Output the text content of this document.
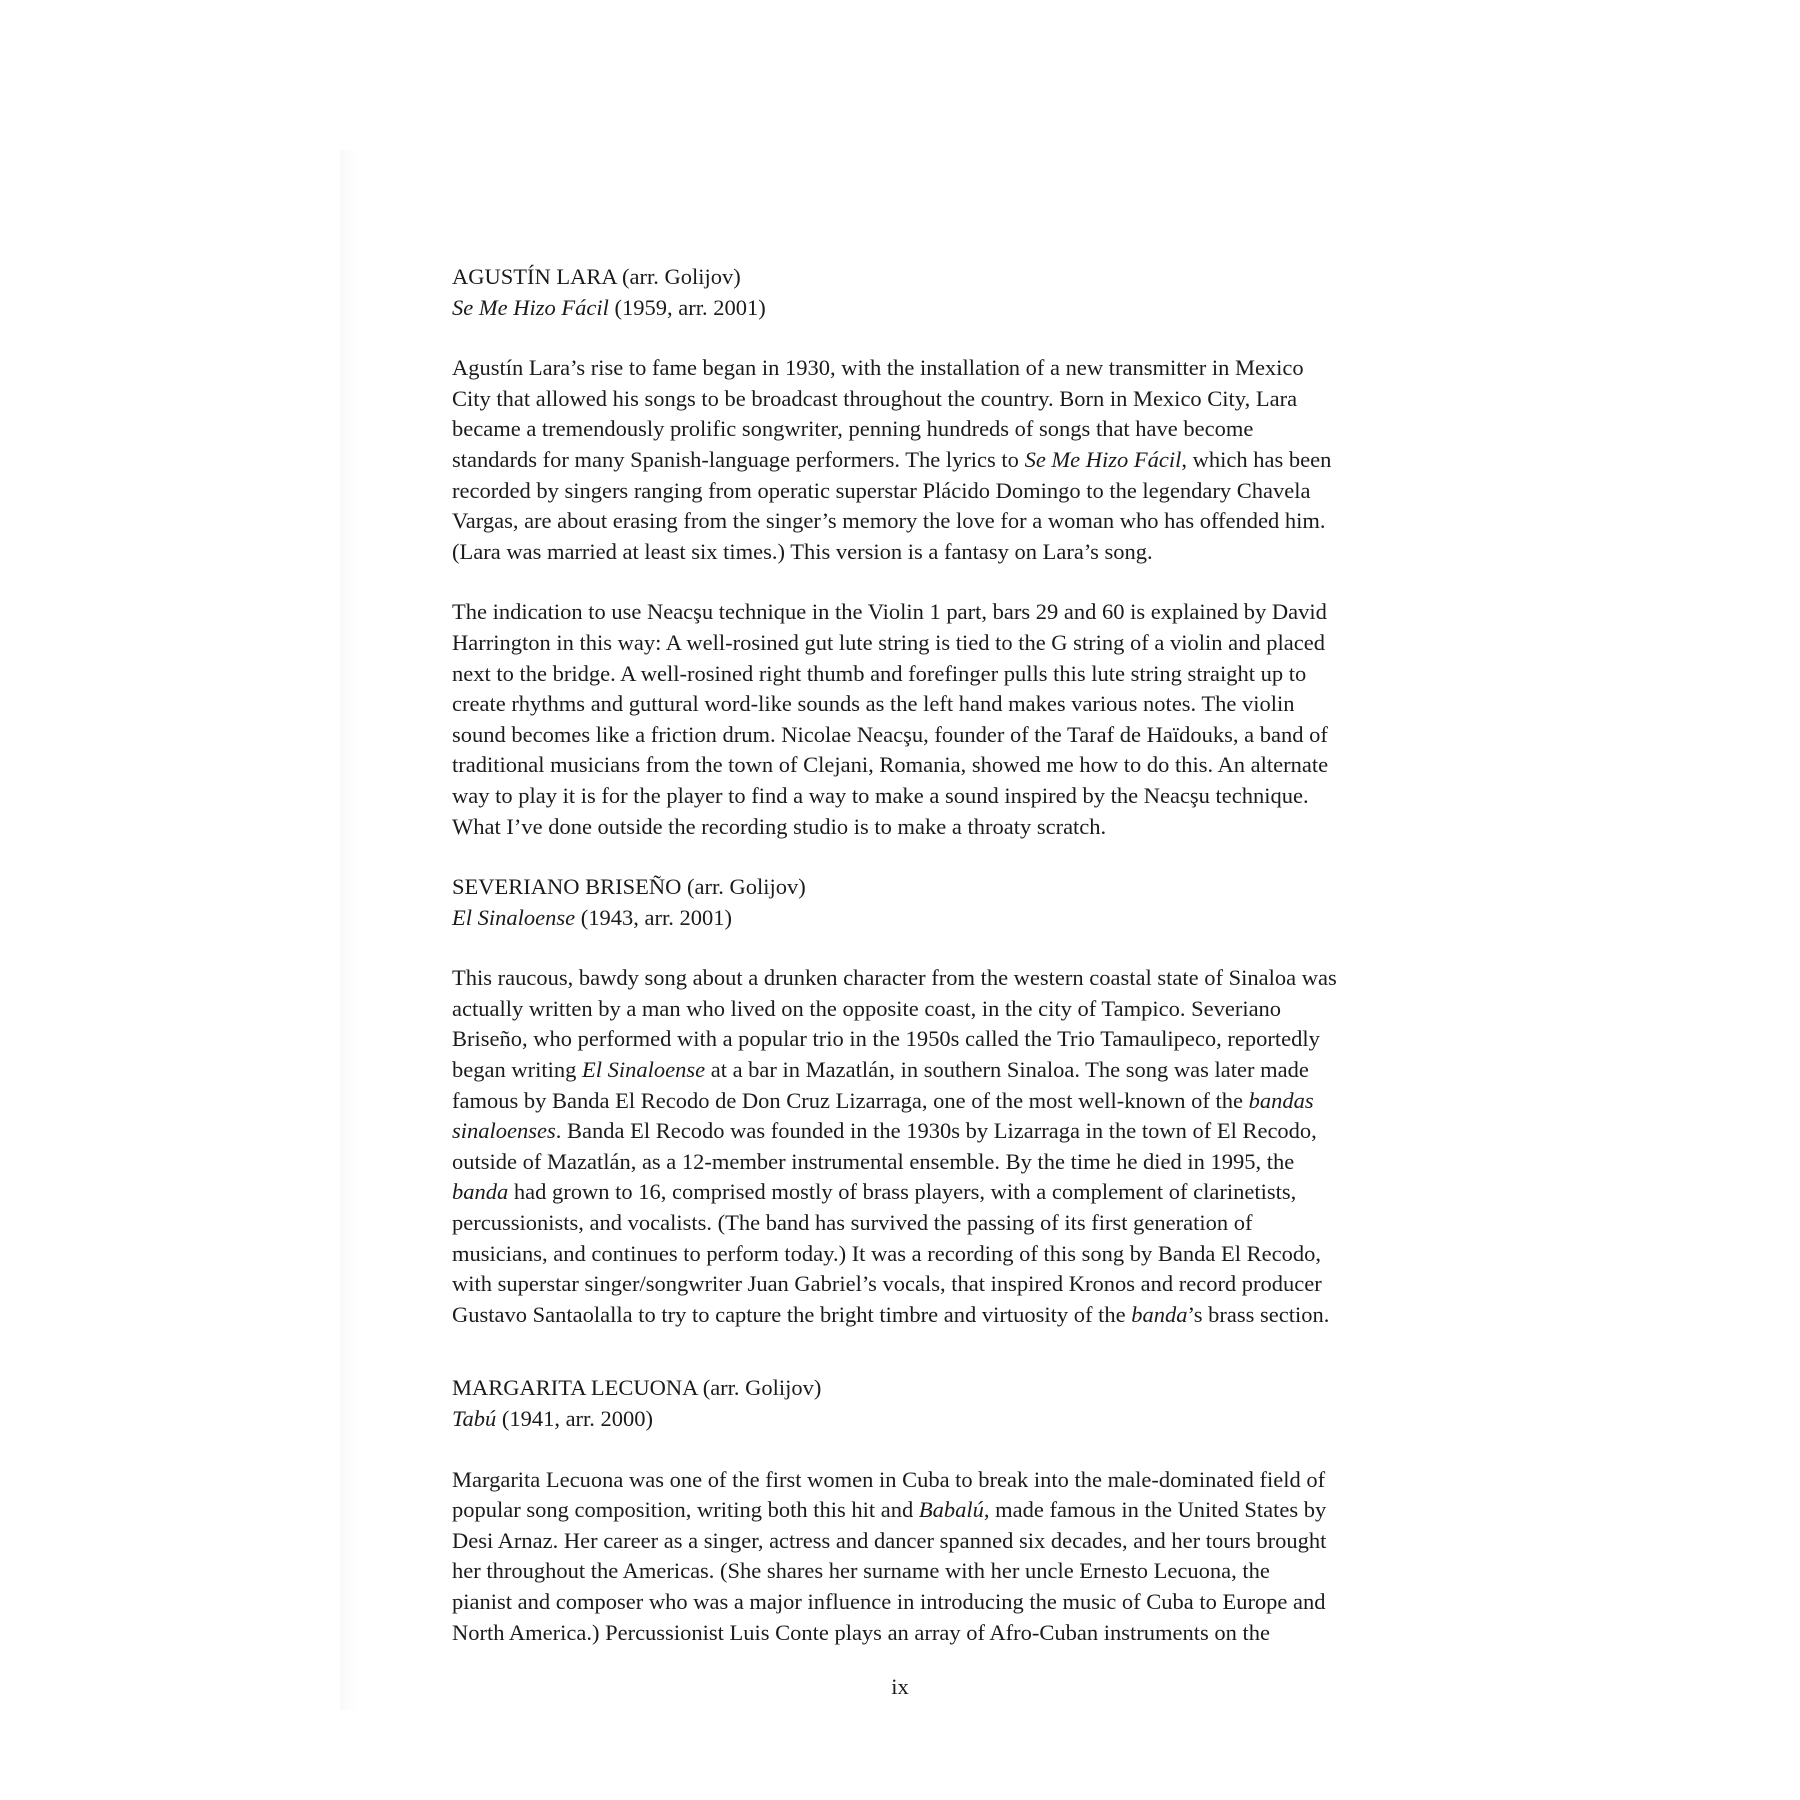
AGUSTÍN LARA (arr. Golijov)
Se Me Hizo Fácil (1959, arr. 2001)
Agustín Lara’s rise to fame began in 1930, with the installation of a new transmitter in Mexico
City that allowed his songs to be broadcast throughout the country. Born in Mexico City, Lara
became a tremendously prolific songwriter, penning hundreds of songs that have become
standards for many Spanish-language performers. The lyrics to Se Me Hizo Fácil, which has been
recorded by singers ranging from operatic superstar Plácido Domingo to the legendary Chavela
Vargas, are about erasing from the singer’s memory the love for a woman who has offended him.
(Lara was married at least six times.) This version is a fantasy on Lara’s song.
The indication to use Neacşu technique in the Violin 1 part, bars 29 and 60 is explained by David
Harrington in this way: A well-rosined gut lute string is tied to the G string of a violin and placed
next to the bridge. A well-rosined right thumb and forefinger pulls this lute string straight up to
create rhythms and guttural word-like sounds as the left hand makes various notes. The violin
sound becomes like a friction drum. Nicolae Neacşu, founder of the Taraf de Haïdouks, a band of
traditional musicians from the town of Clejani, Romania, showed me how to do this. An alternate
way to play it is for the player to find a way to make a sound inspired by the Neacşu technique.
What I’ve done outside the recording studio is to make a throaty scratch.
SEVERIANO BRISEÑO (arr. Golijov)
El Sinaloense (1943, arr. 2001)
This raucous, bawdy song about a drunken character from the western coastal state of Sinaloa was
actually written by a man who lived on the opposite coast, in the city of Tampico. Severiano
Briseño, who performed with a popular trio in the 1950s called the Trio Tamaulipeco, reportedly
began writing El Sinaloense at a bar in Mazatlán, in southern Sinaloa. The song was later made
famous by Banda El Recodo de Don Cruz Lizarraga, one of the most well-known of the bandas
sinaloenses. Banda El Recodo was founded in the 1930s by Lizarraga in the town of El Recodo,
outside of Mazatlán, as a 12-member instrumental ensemble. By the time he died in 1995, the
banda had grown to 16, comprised mostly of brass players, with a complement of clarinetists,
percussionists, and vocalists. (The band has survived the passing of its first generation of
musicians, and continues to perform today.) It was a recording of this song by Banda El Recodo,
with superstar singer/songwriter Juan Gabriel’s vocals, that inspired Kronos and record producer
Gustavo Santaolalla to try to capture the bright timbre and virtuosity of the banda’s brass section.
MARGARITA LECUONA (arr. Golijov)
Tabú (1941, arr. 2000)
Margarita Lecuona was one of the first women in Cuba to break into the male-dominated field of
popular song composition, writing both this hit and Babalú, made famous in the United States by
Desi Arnaz. Her career as a singer, actress and dancer spanned six decades, and her tours brought
her throughout the Americas. (She shares her surname with her uncle Ernesto Lecuona, the
pianist and composer who was a major influence in introducing the music of Cuba to Europe and
North America.) Percussionist Luis Conte plays an array of Afro-Cuban instruments on the
ix
